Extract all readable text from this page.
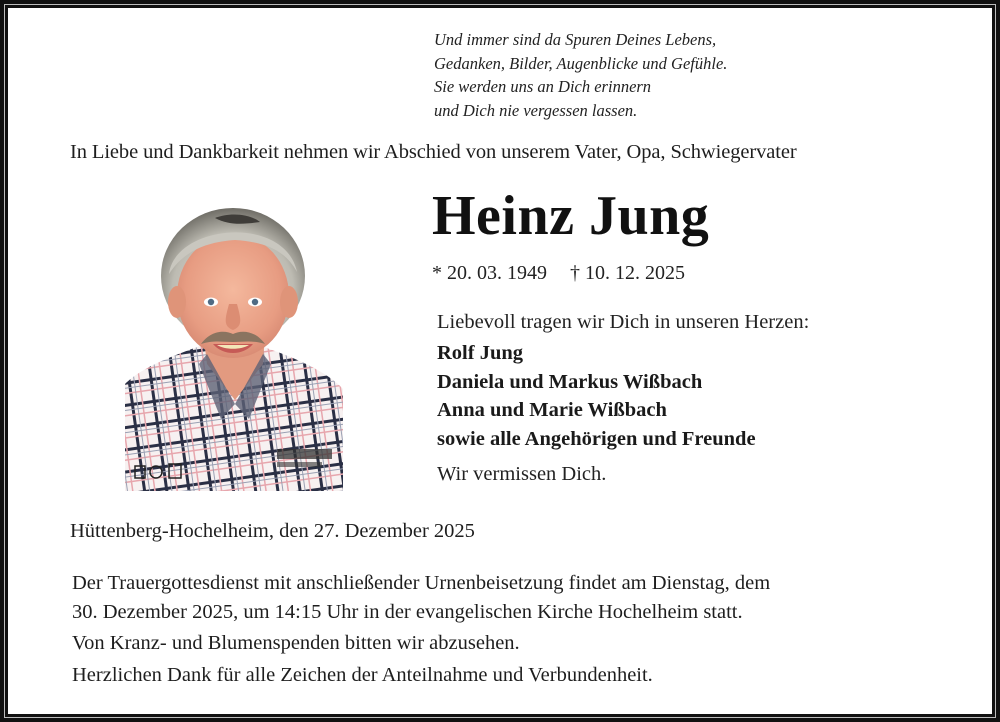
Und immer sind da Spuren Deines Lebens,
Gedanken, Bilder, Augenblicke und Gefühle.
Sie werden uns an Dich erinnern
und Dich nie vergessen lassen.
In Liebe und Dankbarkeit nehmen wir Abschied von unserem Vater, Opa, Schwiegervater
Heinz Jung
* 20. 03. 1949 † 10. 12. 2025
Liebevoll tragen wir Dich in unseren Herzen:
Rolf Jung
Daniela und Markus Wißbach
Anna und Marie Wißbach
sowie alle Angehörigen und Freunde
Wir vermissen Dich.
Hüttenberg-Hochelheim, den 27. Dezember 2025
Der Trauergottesdienst mit anschließender Urnenbeisetzung findet am Dienstag, dem
30. Dezember 2025, um 14:15 Uhr in der evangelischen Kirche Hochelheim statt.
Von Kranz- und Blumenspenden bitten wir abzusehen.
Herzlichen Dank für alle Zeichen der Anteilnahme und Verbundenheit.
